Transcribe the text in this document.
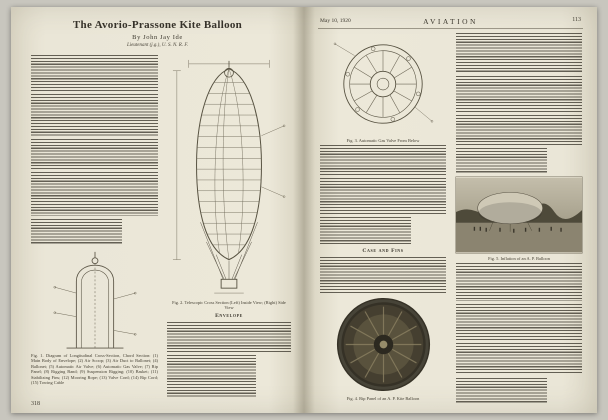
The Avorio-Prassone Kite Balloon
By John Jay Ide
Lieutenant (j.g.), U. S. N. R. F.
Fig. 1. Diagram of Longitudinal Cross-Section, Chord Section: (1) Main Body of Envelope; (2) Air Scoop; (3) Air Duct to Ballonet; (4) Ballonet; (5) Automatic Air Valve; (6) Automatic Gas Valve; (7) Rip Panel; (8) Rigging Band; (9) Suspension Rigging; (10) Basket; (11) Stabilizing Fins; (12) Mooring Rope; (13) Valve Cord; (14) Rip Cord; (15) Towing Cable
Fig. 2. Telescopic Cross Section (Left) Inside View; (Right) Side View
Envelope
318
May 10, 1920	AVIATION	113
Fig. 3. Automatic Gas Valve From Below
Case and Fins
Fig. 4. Rip Panel of an A. P. Kite Balloon
Fig. 5. Inflation of an A. P. Balloon
